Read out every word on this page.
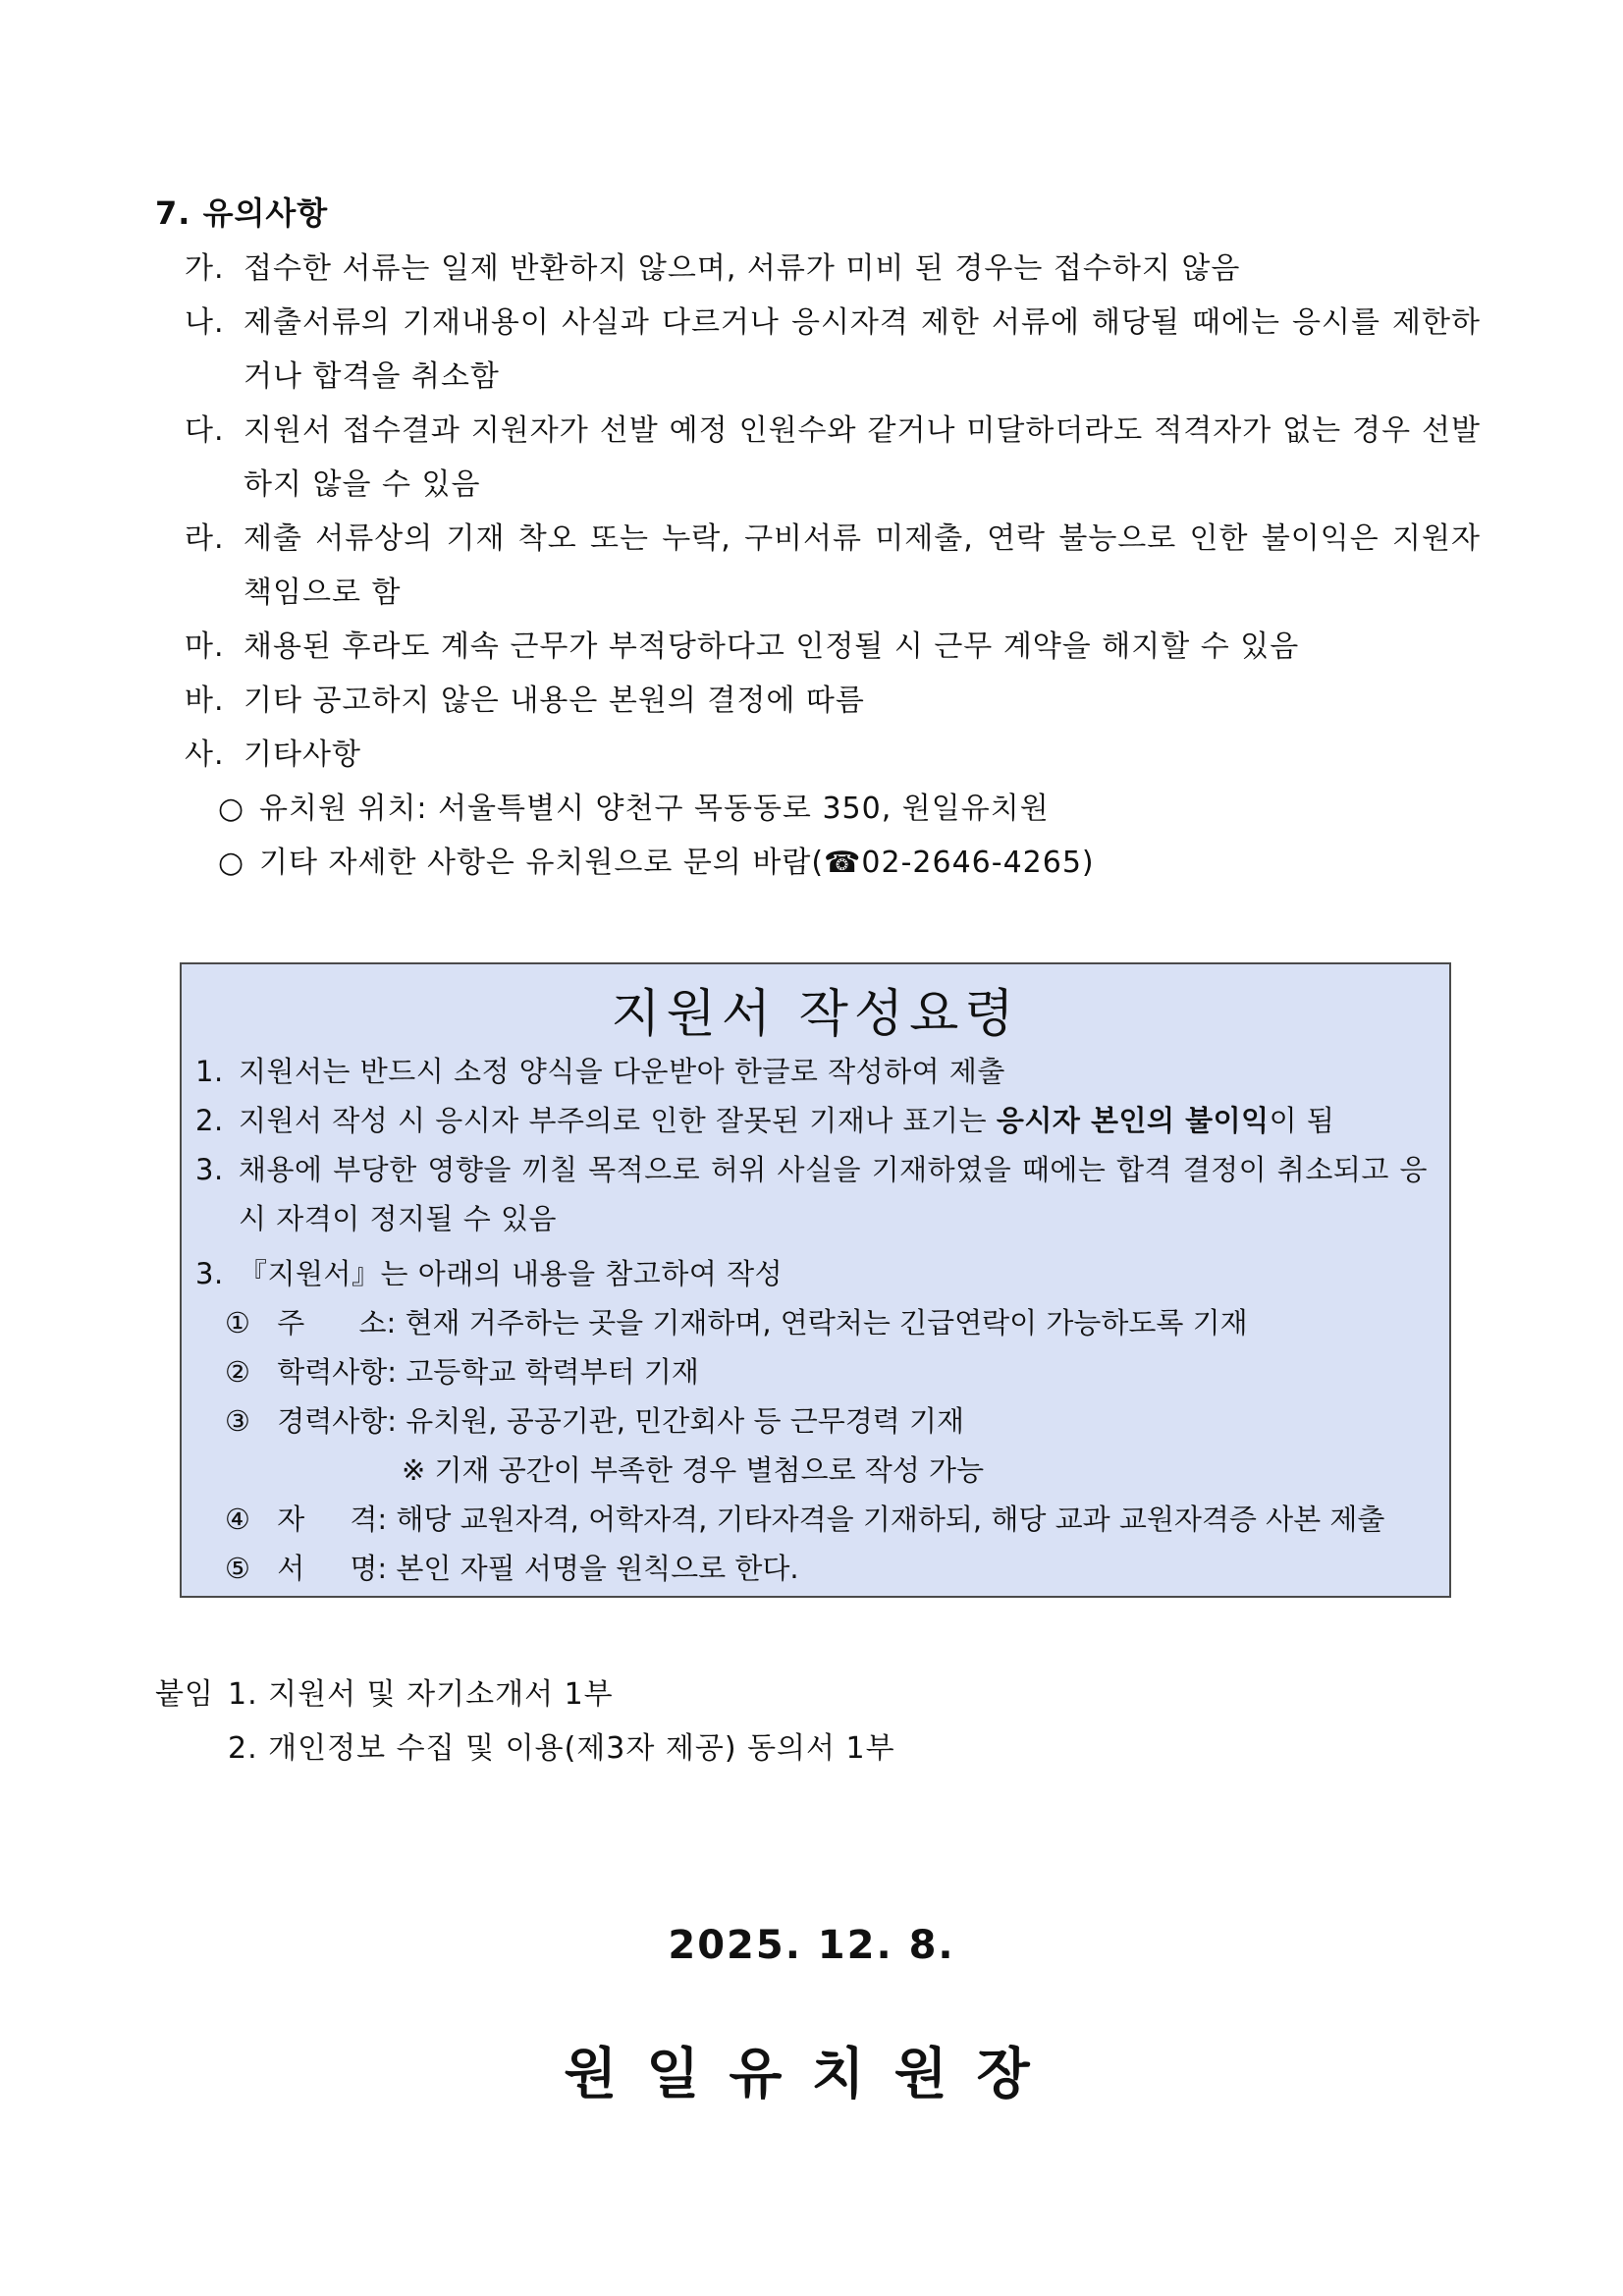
7. 유의사항
가. 접수한 서류는 일제 반환하지 않으며, 서류가 미비 된 경우는 접수하지 않음
나. 제출서류의 기재내용이 사실과 다르거나 응시자격 제한 서류에 해당될 때에는 응시를 제한하거나 합격을 취소함
다. 지원서 접수결과 지원자가 선발 예정 인원수와 같거나 미달하더라도 적격자가 없는 경우 선발하지 않을 수 있음
라. 제출 서류상의 기재 착오 또는 누락, 구비서류 미제출, 연락 불능으로 인한 불이익은 지원자 책임으로 함
마. 채용된 후라도 계속 근무가 부적당하다고 인정될 시 근무 계약을 해지할 수 있음
바. 기타 공고하지 않은 내용은 본원의 결정에 따름
사. 기타사항
○ 유치원 위치: 서울특별시 양천구 목동동로 350, 원일유치원
○ 기타 자세한 사항은 유치원으로 문의 바람(☎02-2646-4265)
지원서 작성요령
1. 지원서는 반드시 소정 양식을 다운받아 한글로 작성하여 제출
2. 지원서 작성 시 응시자 부주의로 인한 잘못된 기재나 표기는 응시자 본인의 불이익이 됨
3. 채용에 부당한 영향을 끼칠 목적으로 허위 사실을 기재하였을 때에는 합격 결정이 취소되고 응시 자격이 정지될 수 있음
3. 『지원서』는 아래의 내용을 참고하여 작성
① 주      소: 현재 거주하는 곳을 기재하며, 연락처는 긴급연락이 가능하도록 기재
② 학력사항: 고등학교 학력부터 기재
③ 경력사항: 유치원, 공공기관, 민간회사 등 근무경력 기재
※ 기재 공간이 부족한 경우 별첨으로 작성 가능
④ 자     격: 해당 교원자격, 어학자격, 기타자격을 기재하되, 해당 교과 교원자격증 사본 제출
⑤ 서     명: 본인 자필 서명을 원칙으로 한다.
붙임 1. 지원서 및 자기소개서 1부
2. 개인정보 수집 및 이용(제3자 제공) 동의서 1부
2025. 12. 8.
원일유치원장
